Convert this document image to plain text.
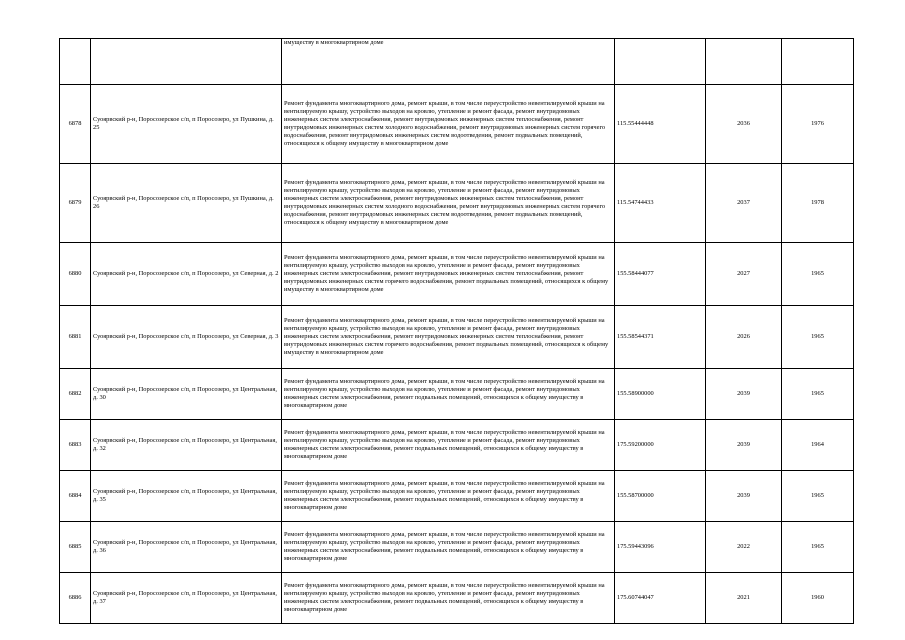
		имуществу в многоквартирном доме			
6878	Суоярвский р-н, Поросозерское с/п, п Поросозеро, ул Пушкина, д. 25	Ремонт фундамента многоквартирного дома, ремонт крыши, в том числе переустройство невентилируемой крыши на вентилируемую крышу, устройство выходов на кровлю, утепление и ремонт фасада, ремонт внутридомовых инженерных систем электроснабжения, ремонт внутридомовых инженерных систем теплоснабжения, ремонт внутридомовых инженерных систем холодного водоснабжения, ремонт внутридомовых инженерных систем горячего водоснабжения, ремонт внутридомовых инженерных систем водоотведения, ремонт подвальных помещений, относящихся к общему имуществу в многоквартирном доме	115.55444448	2036	1976
6879	Суоярвский р-н, Поросозерское с/п, п Поросозеро, ул Пушкина, д. 26	Ремонт фундамента многоквартирного дома, ремонт крыши, в том числе переустройство невентилируемой крыши на вентилируемую крышу, устройство выходов на кровлю, утепление и ремонт фасада, ремонт внутридомовых инженерных систем электроснабжения, ремонт внутридомовых инженерных систем теплоснабжения, ремонт внутридомовых инженерных систем холодного водоснабжения, ремонт внутридомовых инженерных систем горячего водоснабжения, ремонт внутридомовых инженерных систем водоотведения, ремонт подвальных помещений, относящихся к общему имуществу в многоквартирном доме	115.54744433	2037	1978
6880	Суоярвский р-н, Поросозерское с/п, п Поросозеро, ул Северная, д. 2	Ремонт фундамента многоквартирного дома, ремонт крыши, в том числе переустройство невентилируемой крыши на вентилируемую крышу, устройство выходов на кровлю, утепление и ремонт фасада, ремонт внутридомовых инженерных систем электроснабжения, ремонт внутридомовых инженерных систем теплоснабжения, ремонт внутридомовых инженерных систем горячего водоснабжения, ремонт подвальных помещений, относящихся к общему имуществу в многоквартирном доме	155.58444077	2027	1965
6881	Суоярвский р-н, Поросозерское с/п, п Поросозеро, ул Северная, д. 3	Ремонт фундамента многоквартирного дома, ремонт крыши, в том числе переустройство невентилируемой крыши на вентилируемую крышу, устройство выходов на кровлю, утепление и ремонт фасада, ремонт внутридомовых инженерных систем электроснабжения, ремонт внутридомовых инженерных систем теплоснабжения, ремонт внутридомовых инженерных систем горячего водоснабжения, ремонт подвальных помещений, относящихся к общему имуществу в многоквартирном доме	155.58544371	2026	1965
6882	Суоярвский р-н, Поросозерское с/п, п Поросозеро, ул Центральная, д. 30	Ремонт фундамента многоквартирного дома, ремонт крыши, в том числе переустройство невентилируемой крыши на вентилируемую крышу, устройство выходов на кровлю, утепление и ремонт фасада, ремонт внутридомовых инженерных систем электроснабжения, ремонт подвальных помещений, относящихся к общему имуществу в многоквартирном доме	155.58900000	2039	1965
6883	Суоярвский р-н, Поросозерское с/п, п Поросозеро, ул Центральная, д. 32	Ремонт фундамента многоквартирного дома, ремонт крыши, в том числе переустройство невентилируемой крыши на вентилируемую крышу, устройство выходов на кровлю, утепление и ремонт фасада, ремонт внутридомовых инженерных систем электроснабжения, ремонт подвальных помещений, относящихся к общему имуществу в многоквартирном доме	175.59200000	2039	1964
6884	Суоярвский р-н, Поросозерское с/п, п Поросозеро, ул Центральная, д. 35	Ремонт фундамента многоквартирного дома, ремонт крыши, в том числе переустройство невентилируемой крыши на вентилируемую крышу, устройство выходов на кровлю, утепление и ремонт фасада, ремонт внутридомовых инженерных систем электроснабжения, ремонт подвальных помещений, относящихся к общему имуществу в многоквартирном доме	155.58700000	2039	1965
6885	Суоярвский р-н, Поросозерское с/п, п Поросозеро, ул Центральная, д. 36	Ремонт фундамента многоквартирного дома, ремонт крыши, в том числе переустройство невентилируемой крыши на вентилируемую крышу, устройство выходов на кровлю, утепление и ремонт фасада, ремонт внутридомовых инженерных систем электроснабжения, ремонт подвальных помещений, относящихся к общему имуществу в многоквартирном доме	175.59443096	2022	1965
6886	Суоярвский р-н, Поросозерское с/п, п Поросозеро, ул Центральная, д. 37	Ремонт фундамента многоквартирного дома, ремонт крыши, в том числе переустройство невентилируемой крыши на вентилируемую крышу, устройство выходов на кровлю, утепление и ремонт фасада, ремонт внутридомовых инженерных систем электроснабжения, ремонт подвальных помещений, относящихся к общему имуществу в многоквартирном доме	175.60744047	2021	1960
